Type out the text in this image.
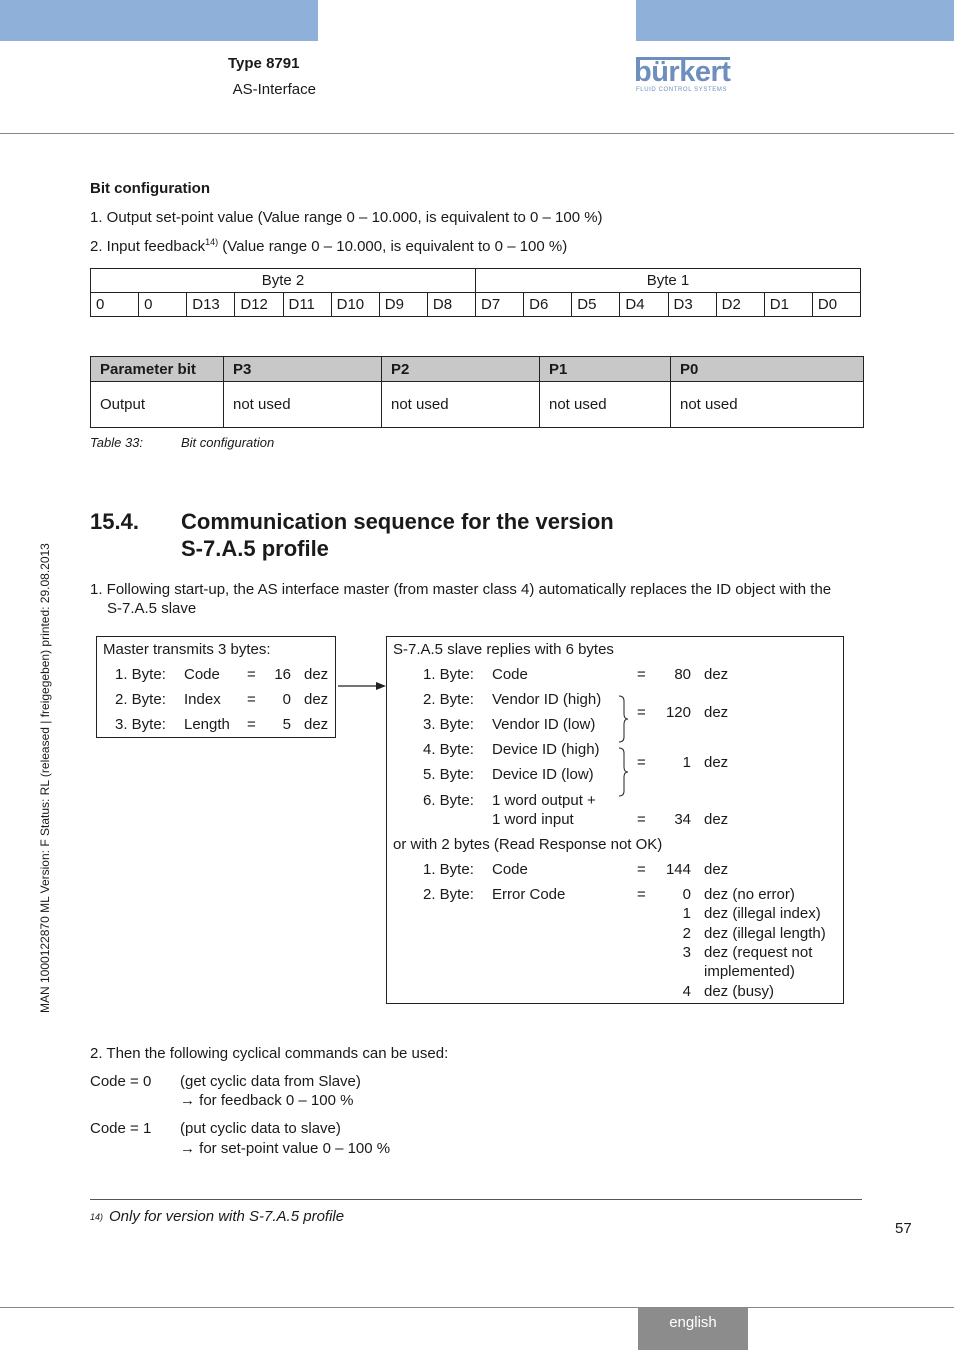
Type 8791
AS-Interface
bürkert
FLUID CONTROL SYSTEMS
MAN 1000122870 ML Version: F Status: RL (released | freigegeben) printed: 29.08.2013
Bit configuration
1. Output set-point value (Value range 0 – 10.000, is equivalent to 0 – 100 %)
2. Input feedback$^{14)}$ (Value range 0 – 10.000, is equivalent to 0 – 100 %)
Byte 2								Byte 1							
0	0	D13	D12	D11	D10	D9	D8	D7	D6	D5	D4	D3	D2	D1	D0
Parameter bit	P3	P2	P1	P0
Output	not used	not used	not used	not used
Table 33:	Bit configuration
15.4. Communication sequence for the version
S-7.A.5 profile
1. Following start-up, the AS interface master (from master class 4) automatically replaces the ID object with the
S-7.A.5 slave
Master transmits 3 bytes:
1. Byte: Code = 16 dez
2. Byte: Index = 0 dez
3. Byte: Length = 5 dez
S-7.A.5 slave replies with 6 bytes
1. Byte: Code	= 80 dez
2. Byte: Vendor ID (high)
3. Byte: Vendor ID (low)
= 120 dez
4. Byte: Device ID (high)
5. Byte: Device ID (low)
= 1 dez
6. Byte: 1 word output +
1 word input	= 34 dez
or with 2 bytes (Read Response not OK)
1. Byte: Code	= 144 dez
2. Byte: Error Code	= 0 dez (no error)
1 dez (illegal index)
2 dez (illegal length)
3 dez (request not
implemented)
4 dez (busy)
2. Then the following cyclical commands can be used:
Code = 0 (get cyclic data from Slave)
→ for feedback 0 – 100 %
Code = 1 (put cyclic data to slave)
→ for set-point value 0 – 100 %
14) Only for version with S-7.A.5 profile
57
english
